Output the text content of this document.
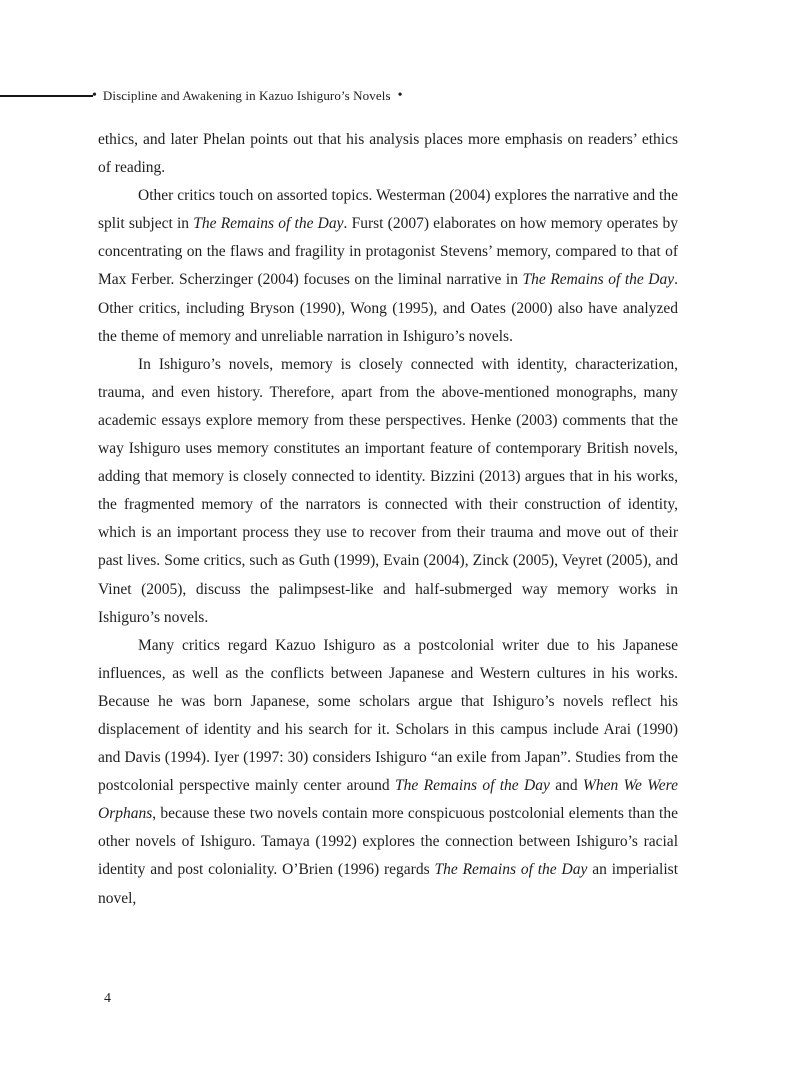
• Discipline and Awakening in Kazuo Ishiguro’s Novels •

ethics, and later Phelan points out that his analysis places more emphasis on readers’ ethics of reading.

Other critics touch on assorted topics. Westerman (2004) explores the narrative and the split subject in The Remains of the Day. Furst (2007) elaborates on how memory operates by concentrating on the flaws and fragility in protagonist Stevens’ memory, compared to that of Max Ferber. Scherzinger (2004) focuses on the liminal narrative in The Remains of the Day. Other critics, including Bryson (1990), Wong (1995), and Oates (2000) also have analyzed the theme of memory and unreliable narration in Ishiguro’s novels.

In Ishiguro’s novels, memory is closely connected with identity, characterization, trauma, and even history. Therefore, apart from the above-mentioned monographs, many academic essays explore memory from these perspectives. Henke (2003) comments that the way Ishiguro uses memory constitutes an important feature of contemporary British novels, adding that memory is closely connected to identity. Bizzini (2013) argues that in his works, the fragmented memory of the narrators is connected with their construction of identity, which is an important process they use to recover from their trauma and move out of their past lives. Some critics, such as Guth (1999), Evain (2004), Zinck (2005), Veyret (2005), and Vinet (2005), discuss the palimpsest-like and half-submerged way memory works in Ishiguro’s novels.

Many critics regard Kazuo Ishiguro as a postcolonial writer due to his Japanese influences, as well as the conflicts between Japanese and Western cultures in his works. Because he was born Japanese, some scholars argue that Ishiguro’s novels reflect his displacement of identity and his search for it. Scholars in this campus include Arai (1990) and Davis (1994). Iyer (1997: 30) considers Ishiguro “an exile from Japan”. Studies from the postcolonial perspective mainly center around The Remains of the Day and When We Were Orphans, because these two novels contain more conspicuous postcolonial elements than the other novels of Ishiguro. Tamaya (1992) explores the connection between Ishiguro’s racial identity and post coloniality. O’Brien (1996) regards The Remains of the Day an imperialist novel,

4
